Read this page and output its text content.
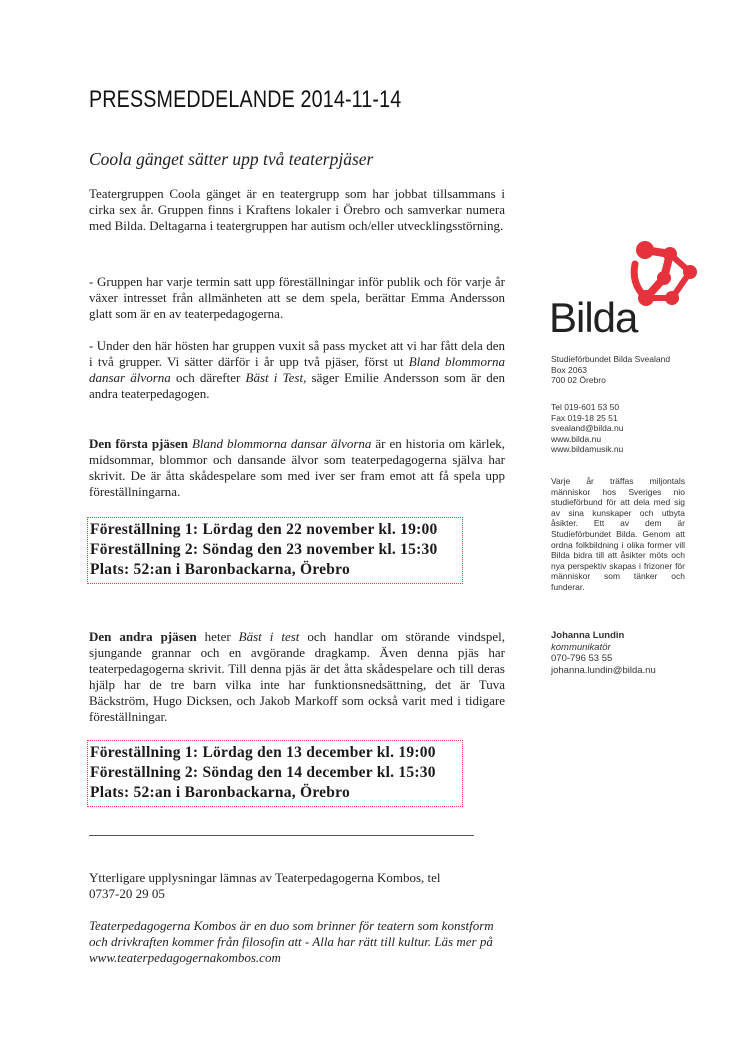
PRESSMEDDELANDE 2014-11-14
Coola gänget sätter upp två teaterpjäser

Teatergruppen Coola gänget är en teatergrupp som har jobbat tillsammans i cirka sex år. Gruppen finns i Kraftens lokaler i Örebro och samverkar numera med Bilda. Deltagarna i teatergruppen har autism och/eller utvecklingsstörning.

- Gruppen har varje termin satt upp föreställningar inför publik och för varje år växer intresset från allmänheten att se dem spela, berättar Emma Andersson glatt som är en av teaterpedagogerna.

- Under den här hösten har gruppen vuxit så pass mycket att vi har fått dela den i två grupper. Vi sätter därför i år upp två pjäser, först ut Bland blommorna dansar älvorna och därefter Bäst i Test, säger Emilie Andersson som är den andra teaterpedagogen.

Den första pjäsen Bland blommorna dansar älvorna är en historia om kärlek, midsommar, blommor och dansande älvor som teaterpedagogerna själva har skrivit. De är åtta skådespelare som med iver ser fram emot att få spela upp föreställningarna.

Föreställning 1: Lördag den 22 november kl. 19:00
Föreställning 2: Söndag den 23 november kl. 15:30
Plats: 52:an i Baronbackarna, Örebro

Den andra pjäsen heter Bäst i test och handlar om störande vindspel, sjungande grannar och en avgörande dragkamp. Även denna pjäs har teaterpedagogerna skrivit. Till denna pjäs är det åtta skådespelare och till deras hjälp har de tre barn vilka inte har funktionsnedsättning, det är Tuva Bäckström, Hugo Dicksen, och Jakob Markoff som också varit med i tidigare föreställningar.

Föreställning 1: Lördag den 13 december kl. 19:00
Föreställning 2: Söndag den 14 december kl. 15:30
Plats: 52:an i Baronbackarna, Örebro

Ytterligare upplysningar lämnas av Teaterpedagogerna Kombos, tel 0737-20 29 05

Teaterpedagogerna Kombos är en duo som brinner för teatern som konstform och drivkraften kommer från filosofin att - Alla har rätt till kultur. Läs mer på www.teaterpedagogernakombos.com

Bilda
Studieförbundet Bilda Svealand
Box 2063
700 02 Örebro
Tel 019-601 53 50
Fax 019-18 25 51
svealand@bilda.nu
www.bilda.nu
www.bildamusik.nu

Varje år träffas miljontals människor hos Sveriges nio studieförbund för att dela med sig av sina kunskaper och utbyta åsikter. Ett av dem är Studieförbundet Bilda. Genom att ordna folkbildning i olika former vill Bilda bidra till att åsikter möts och nya perspektiv skapas i frizoner för människor som tänker och funderar.

Johanna Lundin
kommunikatör
070-796 53 55
johanna.lundin@bilda.nu
